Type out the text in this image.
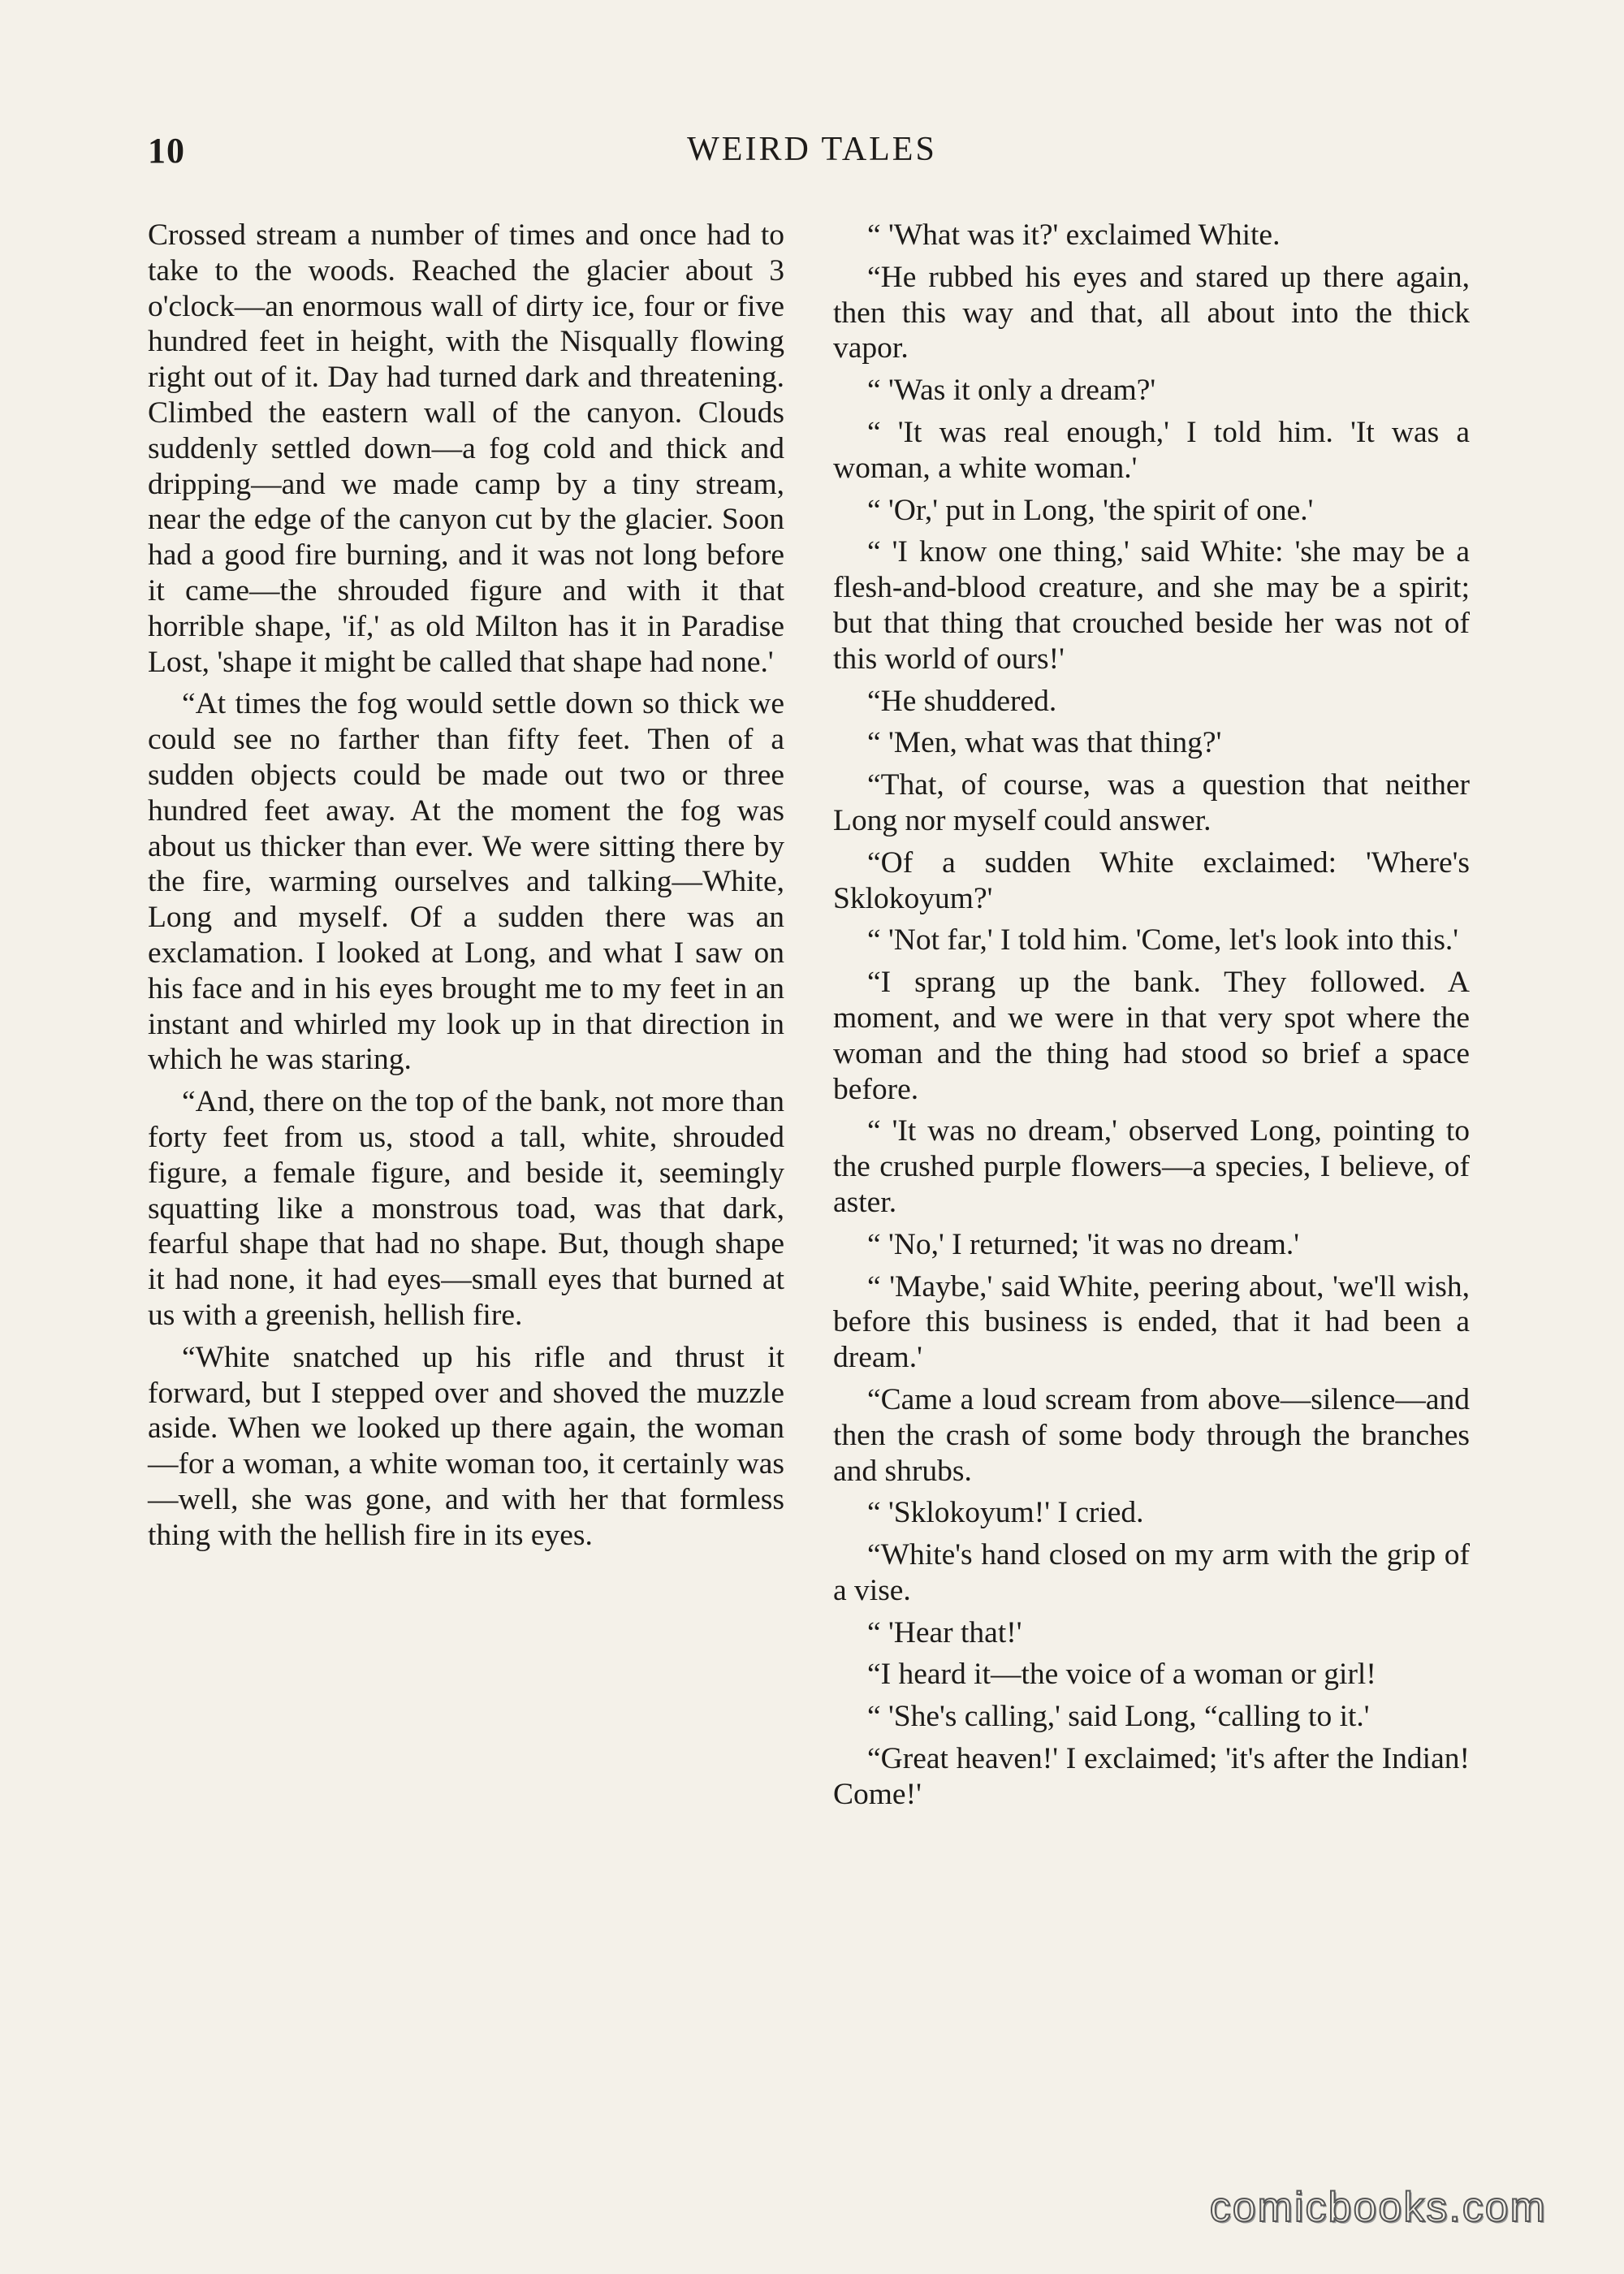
10	WEIRD TALES

Crossed stream a number of times and once had to take to the woods. Reached the glacier about 3 o'clock—an enormous wall of dirty ice, four or five hundred feet in height, with the Nisqually flowing right out of it. Day had turned dark and threatening. Climbed the eastern wall of the canyon. Clouds suddenly settled down—a fog cold and thick and dripping—and we made camp by a tiny stream, near the edge of the canyon cut by the glacier. Soon had a good fire burning, and it was not long before it came—the shrouded figure and with it that horrible shape, 'if,' as old Milton has it in Paradise Lost, 'shape it might be called that shape had none.'

“At times the fog would settle down so thick we could see no farther than fifty feet. Then of a sudden objects could be made out two or three hundred feet away. At the moment the fog was about us thicker than ever. We were sitting there by the fire, warming ourselves and talking—White, Long and myself. Of a sudden there was an exclamation. I looked at Long, and what I saw on his face and in his eyes brought me to my feet in an instant and whirled my look up in that direction in which he was staring.

“And, there on the top of the bank, not more than forty feet from us, stood a tall, white, shrouded figure, a female figure, and beside it, seemingly squatting like a monstrous toad, was that dark, fearful shape that had no shape. But, though shape it had none, it had eyes—small eyes that burned at us with a greenish, hellish fire.

“White snatched up his rifle and thrust it forward, but I stepped over and shoved the muzzle aside. When we looked up there again, the woman—for a woman, a white woman too, it certainly was—well, she was gone, and with her that formless thing with the hellish fire in its eyes.

“ 'What was it?' exclaimed White.

“He rubbed his eyes and stared up there again, then this way and that, all about into the thick vapor.

“ 'Was it only a dream?'

“ 'It was real enough,' I told him. 'It was a woman, a white woman.'

“ 'Or,' put in Long, 'the spirit of one.'

“ 'I know one thing,' said White: 'she may be a flesh-and-blood creature, and she may be a spirit; but that thing that crouched beside her was not of this world of ours!'

“He shuddered.

“ 'Men, what was that thing?'

“That, of course, was a question that neither Long nor myself could answer.

“Of a sudden White exclaimed: 'Where's Sklokoyum?'

“ 'Not far,' I told him. 'Come, let's look into this.'

“I sprang up the bank. They followed. A moment, and we were in that very spot where the woman and the thing had stood so brief a space before.

“ 'It was no dream,' observed Long, pointing to the crushed purple flowers—a species, I believe, of aster.

“ 'No,' I returned; 'it was no dream.'

“ 'Maybe,' said White, peering about, 'we'll wish, before this business is ended, that it had been a dream.'

“Came a loud scream from above—silence—and then the crash of some body through the branches and shrubs.

“ 'Sklokoyum!' I cried.

“White's hand closed on my arm with the grip of a vise.

“ 'Hear that!'

“I heard it—the voice of a woman or girl!

“ 'She's calling,' said Long, “calling to it.'

“Great heaven!' I exclaimed; 'it's after the Indian! Come!'

comicbooks.com
